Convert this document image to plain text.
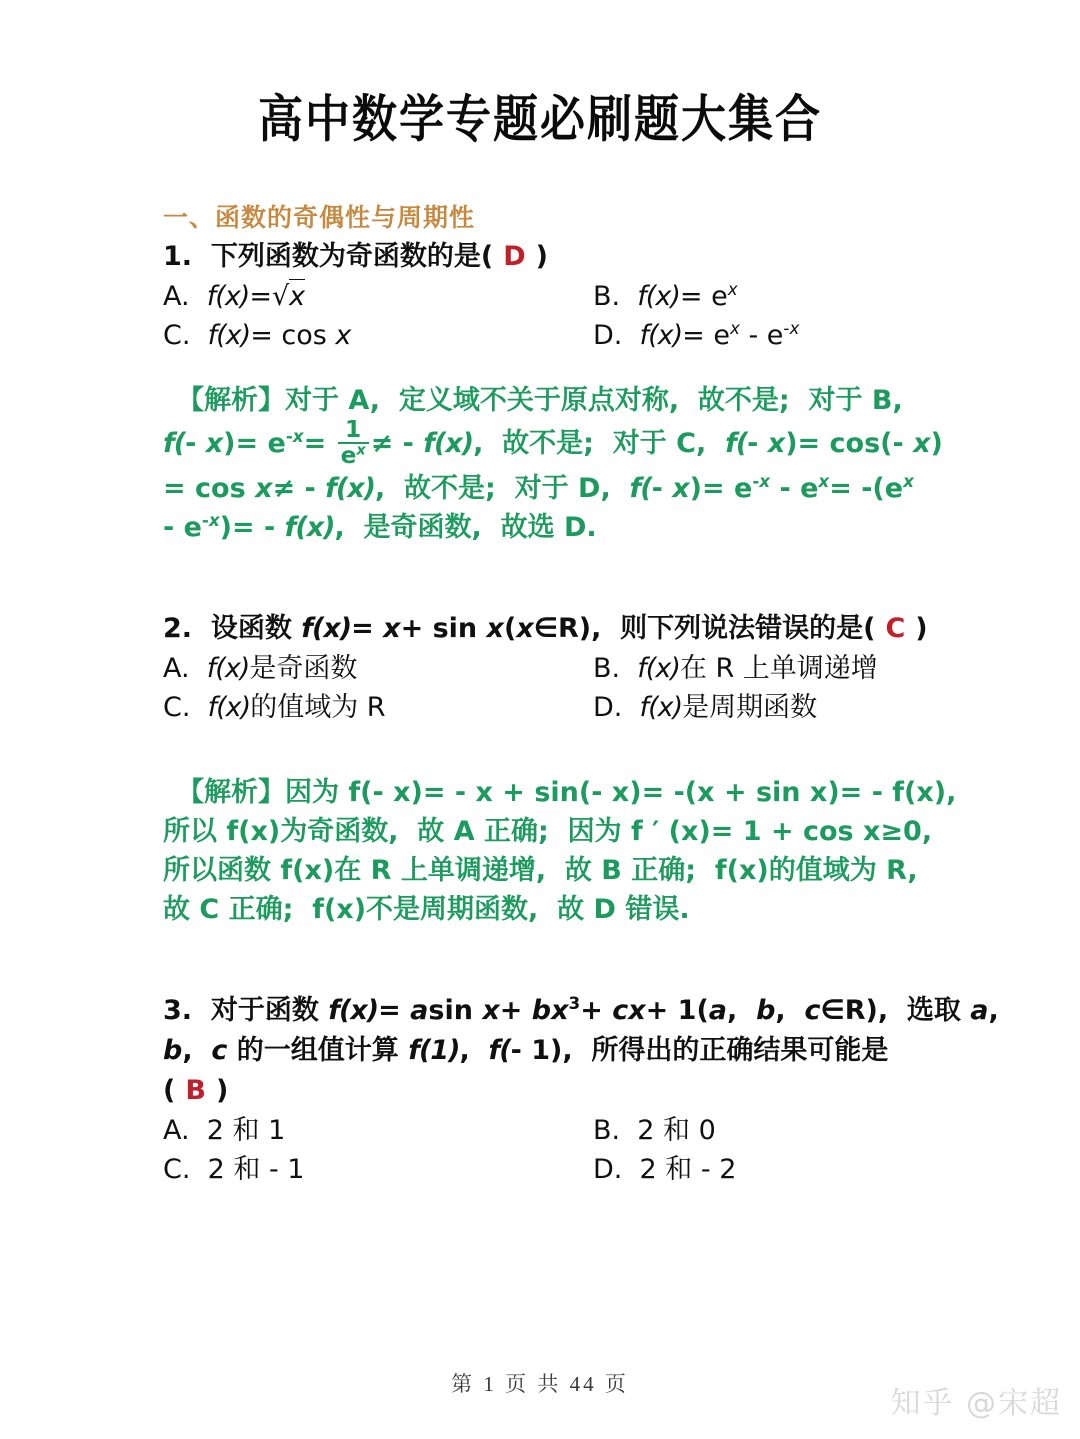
高中数学专题必刷题大集合
一、函数的奇偶性与周期性
1. 下列函数为奇函数的是( D )
A. f(x)=√x	B. $f(x)= e^x$
C. f(x)= cos x	D. $f(x)= e^x - e^{‑x}$
【解析】对于 A,  定义域不关于原点对称,  故不是;  对于 B,
f(‑ $x)= e^{‑x}= \frac{1}{e^x}$ ≠ ‑ f(x),  故不是;  对于 C,  f(‑ x)= cos(‑ x)
= cos x≠ ‑ f(x),  故不是;  对于 D,  f(‑ $x)= e^{‑x} - e^x=$ $‑(e^x$
‑ $e^{‑x})=$ ‑ f(x),  是奇函数,  故选 D.
2.  设函数 f(x)= x+ sin x(x∈R),  则下列说法错误的是( C )
A. f(x)是奇函数	B. f(x)在 R 上单调递增
C. f(x)的值域为 R	D. f(x)是周期函数
【解析】因为 f(‑ x)= ‑ x + sin(‑ x)= ‑(x + sin x)= ‑ f(x),
所以 f(x)为奇函数,  故 A 正确;  因为 f ′ (x)= 1 + cos x≥0,
所以函数 f(x)在 R 上单调递增,  故 B 正确;  f(x)的值域为 R,
故 C 正确;  f(x)不是周期函数,  故 D 错误.
3.  对于函数 f(x)= asin $x+ bx^3+ cx+ 1(a$,  b,  c∈R),  选取 a,
b,  c 的一组值计算 f(1),  f(‑ 1),  所得出的正确结果可能是
( B )
A. 2 和 1	B. 2 和 0
C. 2 和 - 1	D. 2 和 - 2
第 1 页 共 44 页
知乎 @宋超
